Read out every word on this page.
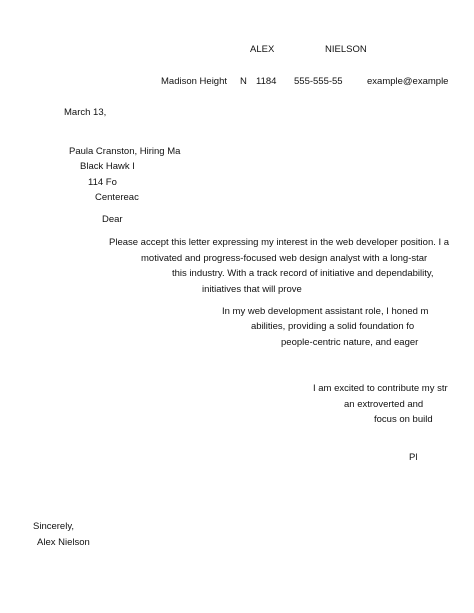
ALEX	NIELSON
Madison Height N 1184 555-555-55	example@example
March 13,
Paula Cranston, Hiring Ma
Black Hawk I
114 Fo
Centereac
Dear
Please accept this letter expressing my interest in the web developer position. I a
motivated and progress-focused web design analyst with a long-star
this industry. With a track record of initiative and dependability,
initiatives that will prove
In my web development assistant role, I honed m
abilities, providing a solid foundation fo
people-centric nature, and eager
I am excited to contribute my str
an extroverted and
focus on build
Pl
Sincerely,
Alex Nielson
